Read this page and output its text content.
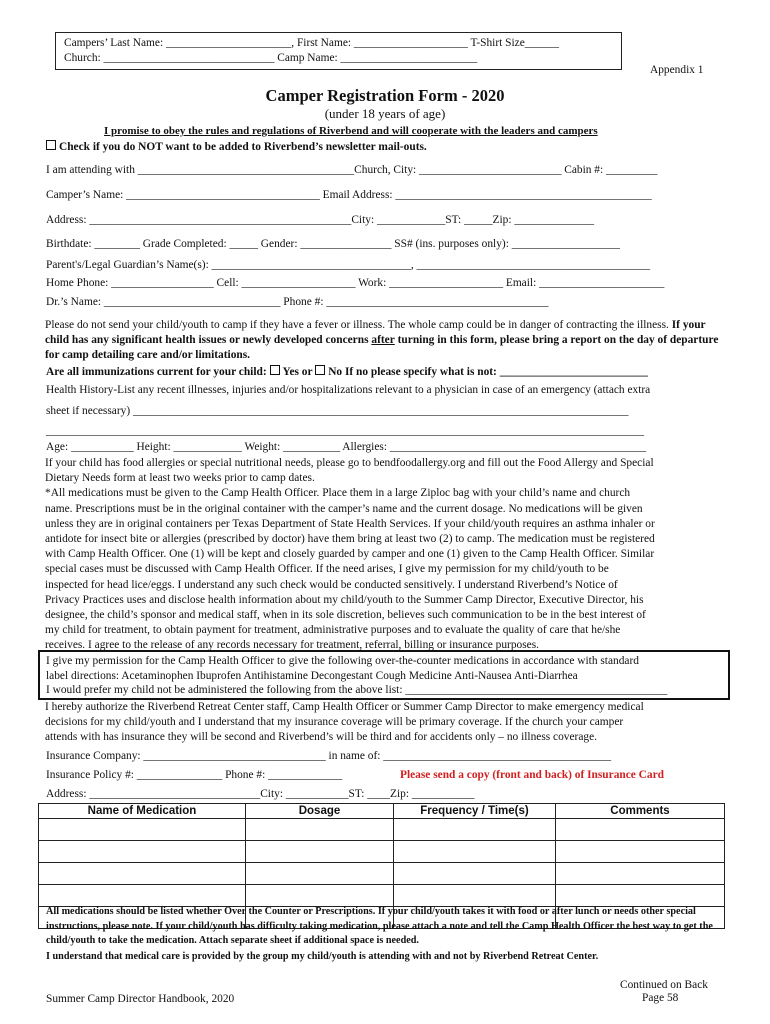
Campers’ Last Name: ______________________, First Name: ____________________ T-Shirt Size______
Church: ______________________________ Camp Name: ________________________
Appendix 1
Camper Registration Form - 2020
(under 18 years of age)
I promise to obey the rules and regulations of Riverbend and will cooperate with the leaders and campers
Check if you do NOT want to be added to Riverbend’s newsletter mail-outs.
I am attending with ______________________________________Church, City: _________________________ Cabin #: _________
Camper’s Name: __________________________________ Email Address: _____________________________________________
Address: ______________________________________________City: ____________ST: _____Zip: ______________
Birthdate: ________ Grade Completed: _____ Gender: ________________ SS# (ins. purposes only): ___________________
Parent's/Legal Guardian’s Name(s): ___________________________________, _________________________________________
Home Phone: __________________ Cell: ____________________ Work: ____________________ Email: ______________________
Dr.’s Name: _______________________________ Phone #: _______________________________________
Please do not send your child/youth to camp if they have a fever or illness. The whole camp could be in danger of contracting the illness. If your child has any significant health issues or newly developed concerns after turning in this form, please bring a report on the day of departure for camp detailing care and/or limitations.
Are all immunizations current for your child: Yes or No If no please specify what is not: __________________________
Health History-List any recent illnesses, injuries and/or hospitalizations relevant to a physician in case of an emergency (attach extra
sheet if necessary) _______________________________________________________________________________________
_________________________________________________________________________________________________________
Age: ___________ Height: ____________ Weight: __________ Allergies: _____________________________________________

If your child has food allergies or special nutritional needs, please go to bendfoodallergy.org and fill out the Food Allergy and Special

Dietary Needs form at least two weeks prior to camp dates.

*All medications must be given to the Camp Health Officer. Place them in a large Ziploc bag with your child’s name and church

name. Prescriptions must be in the original container with the camper’s name and the current dosage. No medications will be given

unless they are in original containers per Texas Department of State Health Services. If your child/youth requires an asthma inhaler or

antidote for insect bite or allergies (prescribed by doctor) have them bring at least two (2) to camp. The medication must be registered

with Camp Health Officer. One (1) will be kept and closely guarded by camper and one (1) given to the Camp Health Officer. Similar

special cases must be discussed with Camp Health Officer. If the need arises, I give my permission for my child/youth to be

inspected for head lice/eggs. I understand any such check would be conducted sensitively. I understand Riverbend’s Notice of

Privacy Practices uses and disclose health information about my child/youth to the Summer Camp Director, Executive Director, his

designee, the child’s sponsor and medical staff, when in its sole discretion, believes such communication to be in the best interest of

my child for treatment, to obtain payment for treatment, administrative purposes and to evaluate the quality of care that he/she

receives. I agree to the release of any records necessary for treatment, referral, billing or insurance purposes.

I give my permission for the Camp Health Officer to give the following over-the-counter medications in accordance with standard
label directions: Acetaminophen Ibuprofen Antihistamine Decongestant Cough Medicine Anti-Nausea Anti-Diarrhea
I would prefer my child not be administered the following from the above list: ______________________________________________

I hereby authorize the Riverbend Retreat Center staff, Camp Health Officer or Summer Camp Director to make emergency medical

decisions for my child/youth and I understand that my insurance coverage will be primary coverage. If the church your camper

attends with has insurance they will be second and Riverbend’s will be third and for accidents only – no illness coverage.

Insurance Company: ________________________________ in name of: ________________________________________
Insurance Policy #: _______________ Phone #: _____________	Please send a copy (front and back) of Insurance Card
Address: ______________________________City: ___________ST: ____Zip: ___________
Name of Medication	Dosage	Frequency / Time(s)	Comments

All medications should be listed whether Over the Counter or Prescriptions. If your child/youth takes it with food or after lunch or needs other special instructions, please note. If your child/youth has difficulty taking medication, please attach a note and tell the Camp Health Officer the best way to get the child/youth to take the medication. Attach separate sheet if additional space is needed.
I understand that medical care is provided by the group my child/youth is attending with and not by Riverbend Retreat Center.
Summer Camp Director Handbook, 2020
Continued on Back
Page 58
